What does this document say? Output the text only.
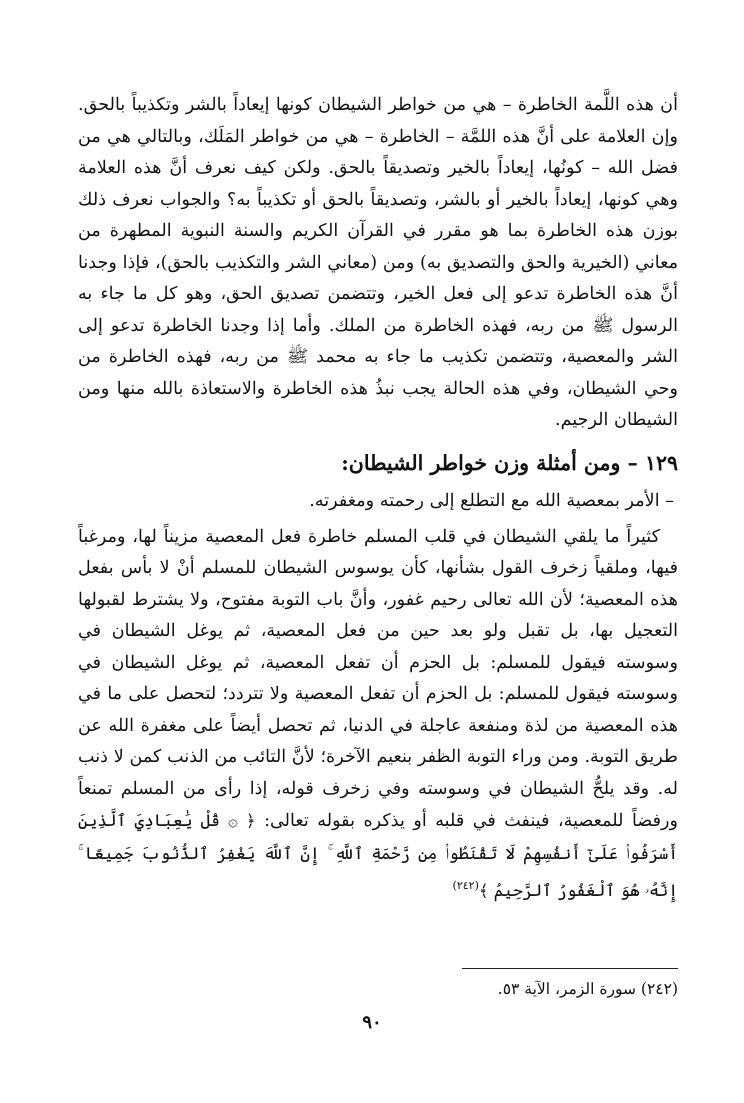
أن هذه اللَّمة الخاطرة – هي من خواطر الشيطان كونها إيعاداً بالشر وتكذيباً بالحق. وإن العلامة على أنَّ هذه اللمَّة – الخاطرة – هي من خواطر المَلَك، وبالتالي هي من فضل الله – كونُها، إيعاداً بالخير وتصديقاً بالحق. ولكن كيف نعرف أنَّ هذه العلامة وهي كونها، إيعاداً بالخير أو بالشر، وتصديقاً بالحق أو تكذيباً به؟ والجواب نعرف ذلك بوزن هذه الخاطرة بما هو مقرر في القرآن الكريم والسنة النبوية المطهرة من معاني (الخيرية والحق والتصديق به) ومن (معاني الشر والتكذيب بالحق)، فإذا وجدنا أنَّ هذه الخاطرة تدعو إلى فعل الخير، وتتضمن تصديق الحق، وهو كل ما جاء به الرسول ﷺ من ربه، فهذه الخاطرة من الملك. وأما إذا وجدنا الخاطرة تدعو إلى الشر والمعصية، وتتضمن تكذيب ما جاء به محمد ﷺ من ربه، فهذه الخاطرة من وحي الشيطان، وفي هذه الحالة يجب نبذُ هذه الخاطرة والاستعاذة بالله منها ومن الشيطان الرجيم.

١٢٩ – ومن أمثلة وزن خواطر الشيطان:

– الأمر بمعصية الله مع التطلع إلى رحمته ومغفرته.

كثيراً ما يلقي الشيطان في قلب المسلم خاطرة فعل المعصية مزيناً لها، ومرغباً فيها، وملقياً زخرف القول بشأنها، كأن يوسوس الشيطان للمسلم أنْ لا بأس بفعل هذه المعصية؛ لأن الله تعالى رحيم غفور، وأنَّ باب التوبة مفتوح، ولا يشترط لقبولها التعجيل بها، بل تقبل ولو بعد حين من فعل المعصية، ثم يوغل الشيطان في وسوسته فيقول للمسلم: بل الحزم أن تفعل المعصية، ثم يوغل الشيطان في وسوسته فيقول للمسلم: بل الحزم أن تفعل المعصية ولا تتردد؛ لتحصل على ما في هذه المعصية من لذة ومنفعة عاجلة في الدنيا، ثم تحصل أيضاً على مغفرة الله عن طريق التوبة. ومن وراء التوبة الظفر بنعيم الآخرة؛ لأنَّ التائب من الذنب كمن لا ذنب له. وقد يلحُّ الشيطان في وسوسته وفي زخرف قوله، إذا رأى من المسلم تمنعاً ورفضاً للمعصية، فينفث في قلبه أو يذكره بقوله تعالى: ﴿ ۞ قُلْ يَٰعِبَادِيَ ٱلَّذِينَ أَسْرَفُوا۟ عَلَىٰٓ أَنفُسِهِمْ لَا تَقْنَطُوا۟ مِن رَّحْمَةِ ٱللَّهِ ۚ إِنَّ ٱللَّهَ يَغْفِرُ ٱلذُّنُوبَ جَمِيعًا ۚ إِنَّهُۥ هُوَ ٱلْغَفُورُ ٱلرَّحِيمُ ﴾$^{(٢٤٢)}$

(٢٤٢) سورة الزمر، الآية ٥٣.

٩٠
